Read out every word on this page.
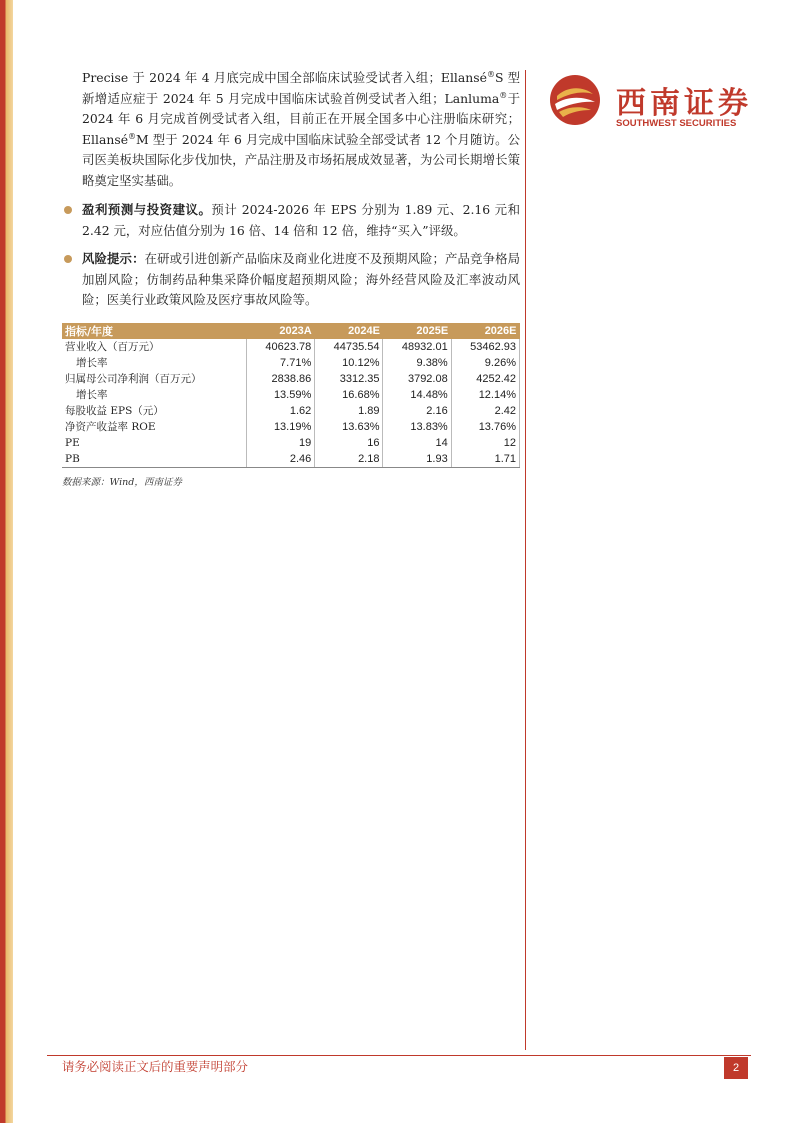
西南证券
SOUTHWEST SECURITIES

Precise 于 2024 年 4 月底完成中国全部临床试验受试者入组；Ellansé®S 型新增适应症于 2024 年 5 月完成中国临床试验首例受试者入组；Lanluma®于 2024 年 6 月完成首例受试者入组，目前正在开展全国多中心注册临床研究；Ellansé®M 型于 2024 年 6 月完成中国临床试验全部受试者 12 个月随访。公司医美板块国际化步伐加快，产品注册及市场拓展成效显著，为公司长期增长策略奠定坚实基础。

盈利预测与投资建议。预计 2024-2026 年 EPS 分别为 1.89 元、2.16 元和 2.42 元，对应估值分别为 16 倍、14 倍和 12 倍，维持“买入”评级。

风险提示：在研或引进创新产品临床及商业化进度不及预期风险；产品竞争格局加剧风险；仿制药品种集采降价幅度超预期风险；海外经营风险及汇率波动风险；医美行业政策风险及医疗事故风险等。

指标/年度	2023A	2024E	2025E	2026E
营业收入（百万元）	40623.78	44735.54	48932.01	53462.93
增长率	7.71%	10.12%	9.38%	9.26%
归属母公司净利润（百万元）	2838.86	3312.35	3792.08	4252.42
增长率	13.59%	16.68%	14.48%	12.14%
每股收益 EPS（元）	1.62	1.89	2.16	2.42
净资产收益率 ROE	13.19%	13.63%	13.83%	13.76%
PE	19	16	14	12
PB	2.46	2.18	1.93	1.71

数据来源：Wind，西南证券

请务必阅读正文后的重要声明部分	2
